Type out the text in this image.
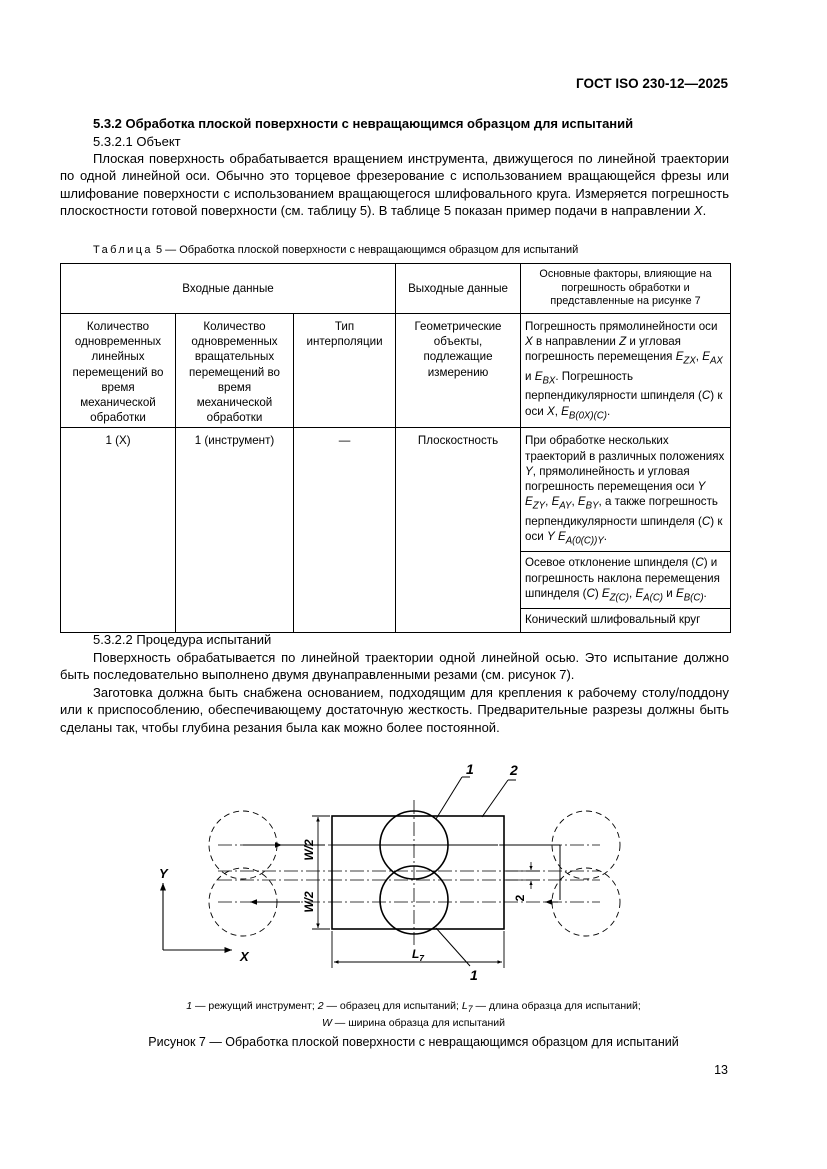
ГОСТ ISO 230-12—2025
5.3.2 Обработка плоской поверхности с невращающимся образцом для испытаний
5.3.2.1 Объект
Плоская поверхность обрабатывается вращением инструмента, движущегося по линейной траектории по одной линейной оси. Обычно это торцевое фрезерование с использованием вращающейся фрезы или шлифование поверхности с использованием вращающегося шлифовального круга. Измеряется погрешность плоскостности готовой поверхности (см. таблицу 5). В таблице 5 показан пример подачи в направлении X.
Таблица 5 — Обработка плоской поверхности с невращающимся образцом для испытаний
Входные данные			Выходные данные	Основные факторы, влияющие на погрешность обработки и представленные на рисунке 7
Количество одновременных линейных перемещений во время механической обработки	Количество одновременных вращательных перемещений во время механической обработки	Тип интерполяции	Геометрические объекты, подлежащие измерению	Погрешность прямолинейности оси X в направлении Z и угловая погрешность перемещения $E_{ZX}$, $E_{AX}$ и $E_{BX}$. Погрешность перпендикулярности шпинделя (C) к оси X, $E_{B(0X)(C)}$.
1 (X)	1 (инструмент)	—	Плоскостность	При обработке нескольких траекторий в различных положениях Y, прямолинейность и угловая погрешность перемещения оси Y $E_{ZY}$, $E_{AY}$, $E_{BY}$, а также погрешность перпендикулярности шпинделя (C) к оси Y $E_{A(0(C))Y}$.
Осевое отклонение шпинделя (C) и погрешность наклона перемещения шпинделя (C) $E_{Z(C)}$, $E_{A(C)}$ и $E_{B(C)}$.
Конический шлифовальный круг
5.3.2.2 Процедура испытаний
Поверхность обрабатывается по линейной траектории одной линейной осью. Это испытание должно быть последовательно выполнено двумя двунаправленными резами (см. рисунок 7).
Заготовка должна быть снабжена основанием, подходящим для крепления к рабочему столу/поддону или к приспособлению, обеспечивающему достаточную жесткость. Предварительные разрезы должны быть сделаны так, чтобы глубина резания была как можно более постоянной.
W/2
W/2	2
$L_7$
1	2
1
Y
X
1 — режущий инструмент; 2 — образец для испытаний; $L_7$ — длина образца для испытаний;
W — ширина образца для испытаний
Рисунок 7 — Обработка плоской поверхности с невращающимся образцом для испытаний
13
